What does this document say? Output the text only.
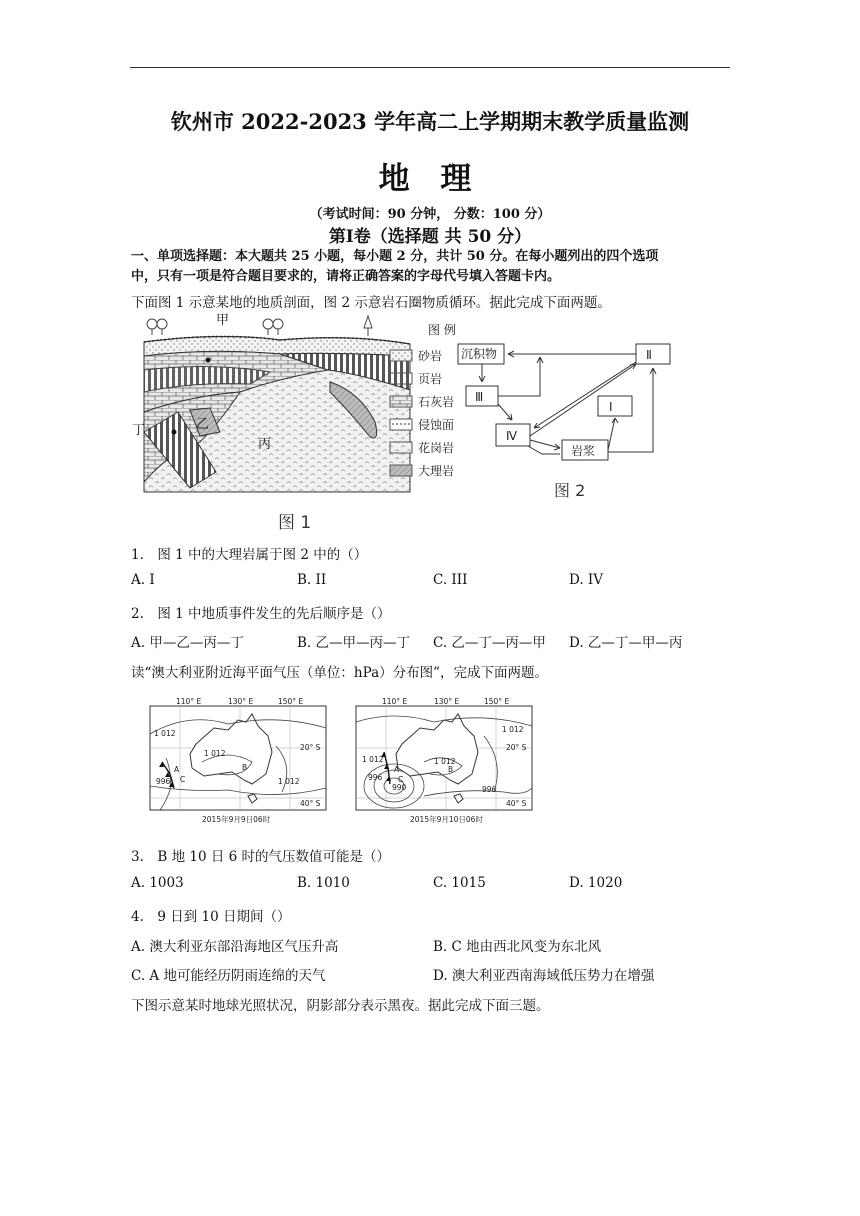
钦州市 2022-2023 学年高二上学期期末教学质量监测
地 理
（考试时间：90 分钟， 分数：100 分）
第Ⅰ卷（选择题 共 50 分）
一、单项选择题：本大题共 25 小题，每小题 2 分，共计 50 分。在每小题列出的四个选项
中，只有一项是符合题目要求的，请将正确答案的字母代号填入答题卡内。
下面图 1 示意某地的地质剖面，图 2 示意岩石圈物质循环。据此完成下面两题。
甲
乙
丙
丁
图 例
砂岩
页岩
石灰岩
侵蚀面
花岗岩
大理岩
图 1
沉积物	Ⅱ
Ⅲ
Ⅰ
Ⅳ
岩浆
图 2
1.　图 1 中的大理岩属于图 2 中的（）
A. I	B. II	C. III	D. IV
2.　图 1 中地质事件发生的先后顺序是（）
A. 甲—乙—丙—丁	B. 乙—甲—丙—丁 C. 乙—丁—丙—甲 D. 乙—丁—甲—丙
读“澳大利亚附近海平面气压（单位：hPa）分布图”，完成下面两题。
110° E	130° E	150° E
20° S
40° S
1 012
1 012
1 012
996
A
C
B
2015年9月9日06时
110° E	130° E	150° E
20° S
40° S
1 012	1 012
1 012
996
990	996
A
C
B
2015年9月10日06时
3.　B 地 10 日 6 时的气压数值可能是（）
A. 1003	B. 1010	C. 1015	D. 1020
4.　9 日到 10 日期间（）
A. 澳大利亚东部沿海地区气压升高	B. C 地由西北风变为东北风
C. A 地可能经历阴雨连绵的天气	D. 澳大利亚西南海域低压势力在增强
下图示意某时地球光照状况，阴影部分表示黑夜。据此完成下面三题。
